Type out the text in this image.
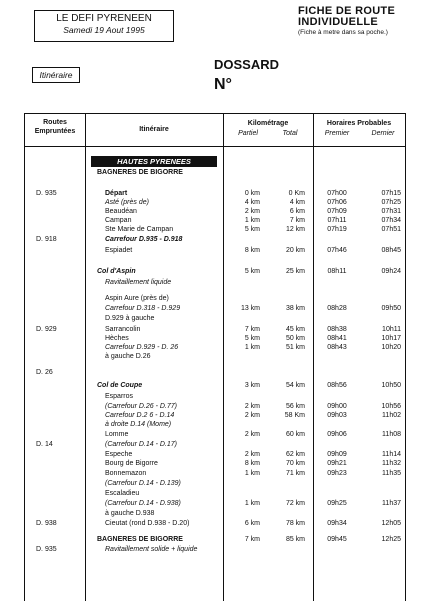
LE DEFI PYRENEEN
Samedi 19 Aout 1995
FICHE DE ROUTE
INDIVIDUELLE
(Fiche à metre dans sa poche.)
Itinéraire
DOSSARD
N°
Routes
Empruntées	Itinéraire
Kilométrage
Partiel	Total
Horaires Probables
Premier	Dernier
HAUTES PYRENEES
BAGNERES DE BIGORRE
D. 935	Départ	0 km	0 Km	07h00	07h15
Asté (près de)	4 km	4 km	07h06	07h25
Beaudéan	2 km	6 km	07h09	07h31
Campan	1 km	7 km	07h11	07h34
Ste Marie de Campan	5 km	12 km	07h19	07h51
D. 918	Carrefour D.935 - D.918
Espiadet	8 km	20 km	07h46	08h45
Col d'Aspin	5 km	25 km	08h11	09h24
Ravitaillement liquide
Aspin Aure (près de)
Carrefour D.318 - D.929	13 km	38 km	08h28	09h50
D.929 à gauche
D. 929	Sarrancolin	7 km	45 km	08h38	10h11
Hèches	5 km	50 km	08h41	10h17
Carrefour D.929 - D. 26	1 km	51 km	08h43	10h20
à gauche D.26
D. 26
Col de Coupe	3 km	54 km	08h56	10h50
Esparros
(Carrefour D.26 - D.77)	2 km	56 km	09h00	10h56
Carrefour D.2 6 - D.14	2 km	58 Km	09h03	11h02
à droite D.14 (Mome)
Lomme	2 km	60 km	09h06	11h08
D. 14	(Carrefour D.14 - D.17)
Espeche	2 km	62 km	09h09	11h14
Bourg de Bigorre	8 km	70 km	09h21	11h32
Bonnemazon	1 km	71 km	09h23	11h35
(Carrefour D.14 - D.139)
Escaladieu
(Carrefour D.14 - D.938)	1 km	72 km	09h25	11h37
à gauche D.938
D. 938	Cieutat (rond D.938 - D.20)	6 km	78 km	09h34	12h05
BAGNERES DE BIGORRE	7 km	85 km	09h45	12h25
D. 935	Ravitaillement solide + liquide
